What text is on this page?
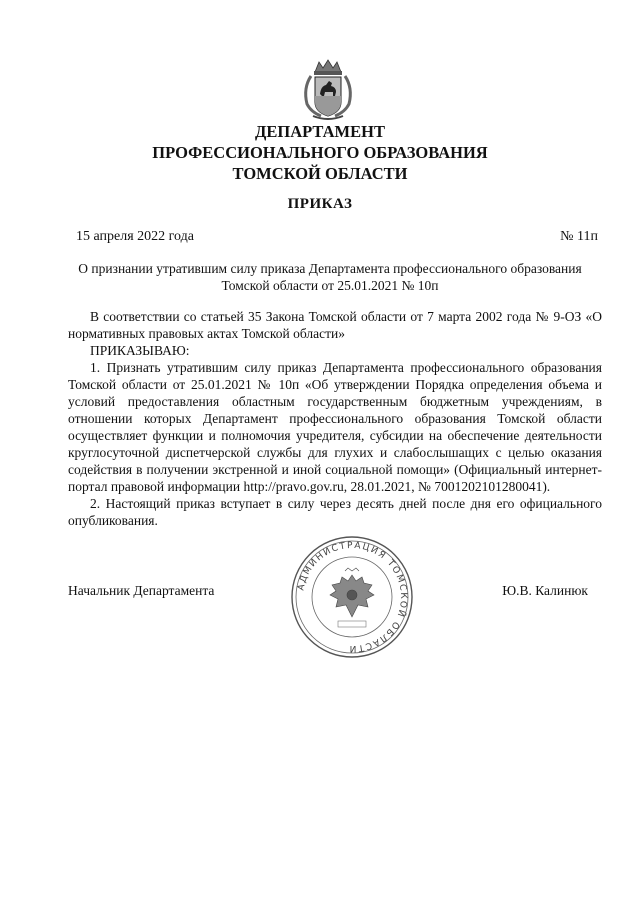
ДЕПАРТАМЕНТ
ПРОФЕССИОНАЛЬНОГО ОБРАЗОВАНИЯ
ТОМСКОЙ ОБЛАСТИ
ПРИКАЗ
15 апреля 2022 года	№ 11п
О признании утратившим силу приказа Департамента профессионального образования
Томской области от 25.01.2021 № 10п

В соответствии со статьей 35 Закона Томской области от 7 марта 2002 года № 9-ОЗ «О нормативных правовых актах Томской области»

ПРИКАЗЫВАЮ:

1. Признать утратившим силу приказ Департамента профессионального образования Томской области от 25.01.2021 № 10п «Об утверждении Порядка определения объема и условий предоставления областным государственным бюджетным учреждениям, в отношении которых Департамент профессионального образования Томской области осуществляет функции и полномочия учредителя, субсидии на обеспечение деятельности круглосуточной диспетчерской службы для глухих и слабослышащих с целью оказания содействия в получении экстренной и иной социальной помощи» (Официальный интернет-портал правовой информации http://pravo.gov.ru, 28.01.2021, № 7001202101280041).

2. Настоящий приказ вступает в силу через десять дней после дня его официального опубликования.

АДМИНИСТРАЦИЯ ТОМСКОЙ ОБЛАСТИ
Начальник Департамента	Ю.В. Калинюк
